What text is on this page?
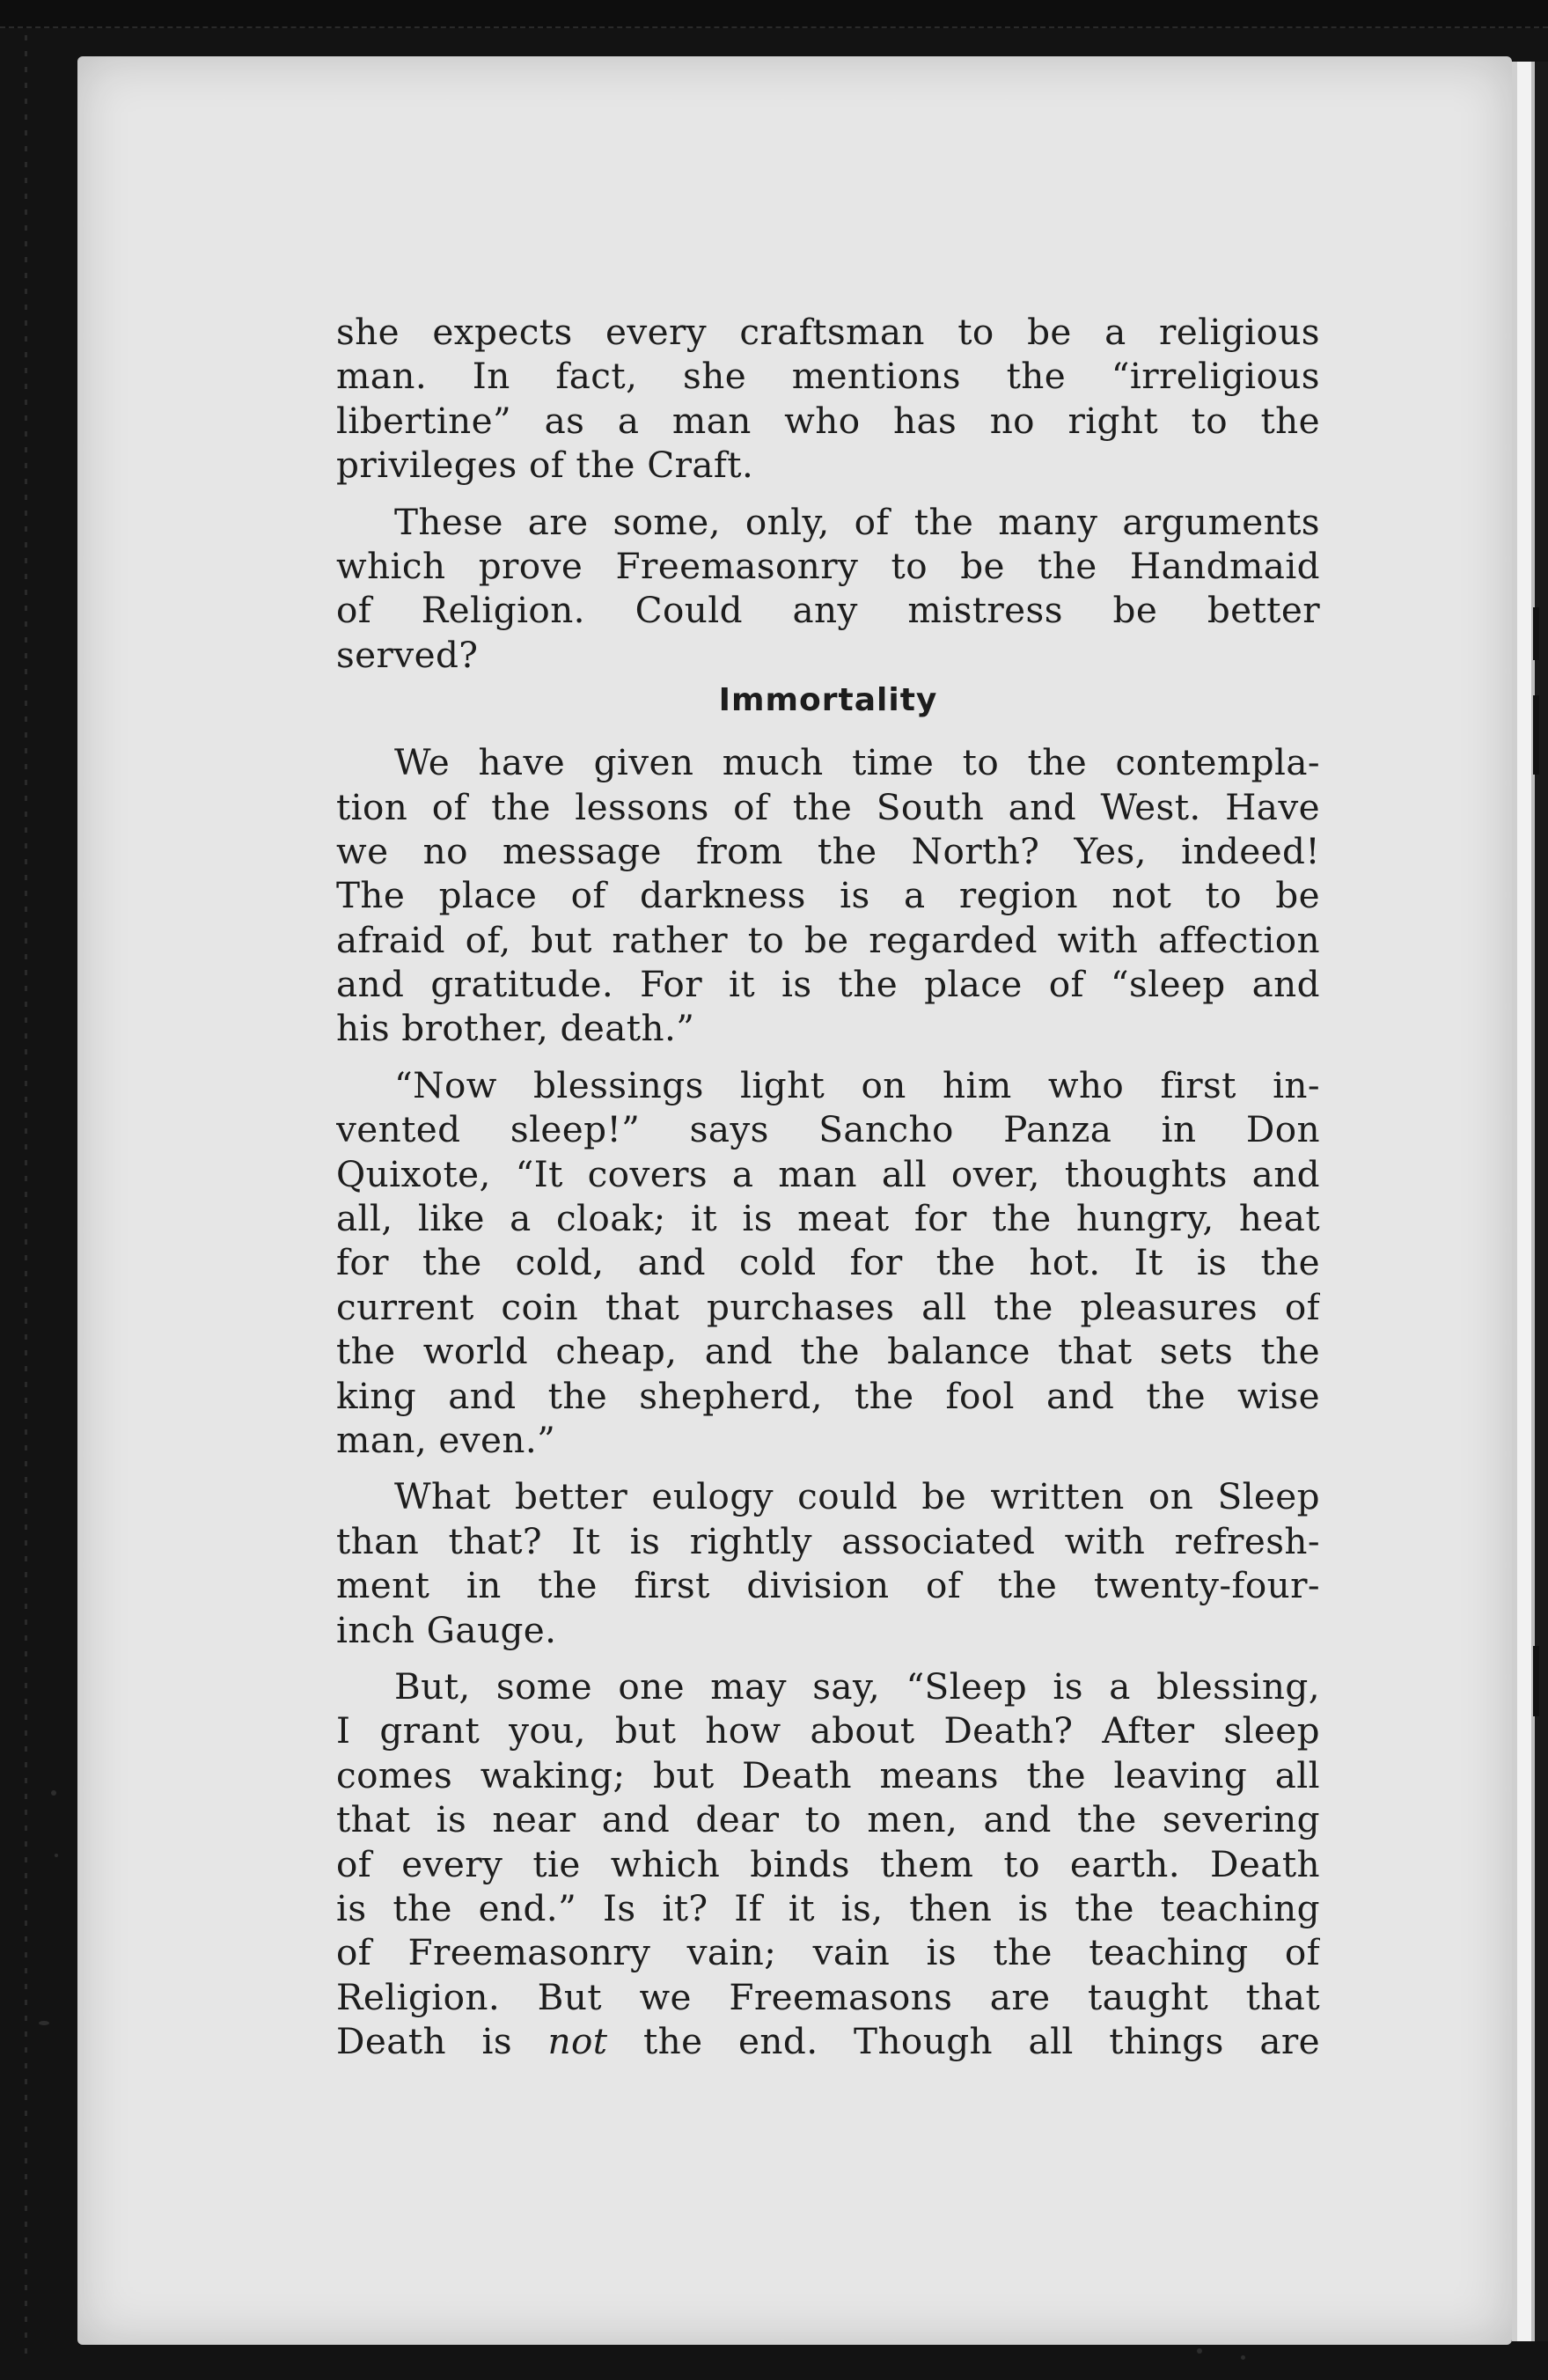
she expects every craftsman to be a religious
man. In fact, she mentions the “irreligious
libertine” as a man who has no right to the
privileges of the Craft.
These are some, only, of the many arguments
which prove Freemasonry to be the Handmaid
of Religion. Could any mistress be better
served?
Immortality
We have given much time to the contempla-
tion of the lessons of the South and West. Have
we no message from the North? Yes, indeed!
The place of darkness is a region not to be
afraid of, but rather to be regarded with affection
and gratitude. For it is the place of “sleep and
his brother, death.”
“Now blessings light on him who first in-
vented sleep!” says Sancho Panza in Don
Quixote, “It covers a man all over, thoughts and
all, like a cloak; it is meat for the hungry, heat
for the cold, and cold for the hot. It is the
current coin that purchases all the pleasures of
the world cheap, and the balance that sets the
king and the shepherd, the fool and the wise
man, even.”
What better eulogy could be written on Sleep
than that? It is rightly associated with refresh-
ment in the first division of the twenty-four-
inch Gauge.
But, some one may say, “Sleep is a blessing,
I grant you, but how about Death? After sleep
comes waking; but Death means the leaving all
that is near and dear to men, and the severing
of every tie which binds them to earth. Death
is the end.” Is it? If it is, then is the teaching
of Freemasonry vain; vain is the teaching of
Religion. But we Freemasons are taught that
Death is not the end. Though all things are
